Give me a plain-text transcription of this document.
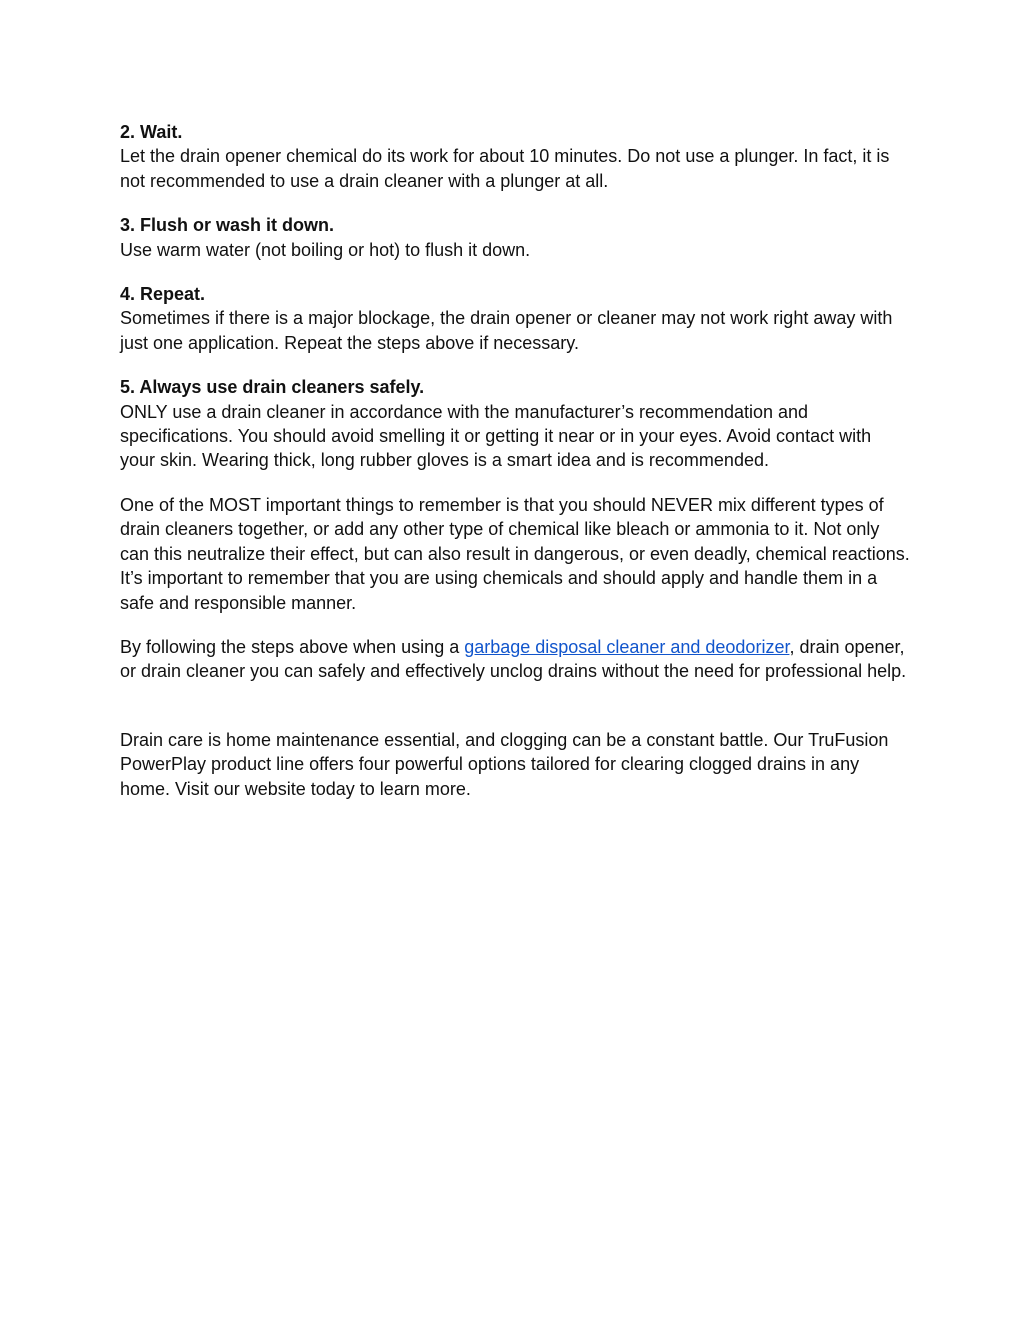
2. Wait.
Let the drain opener chemical do its work for about 10 minutes. Do not use a plunger. In fact, it is not recommended to use a drain cleaner with a plunger at all.
3. Flush or wash it down.
Use warm water (not boiling or hot) to flush it down.
4. Repeat.
Sometimes if there is a major blockage, the drain opener or cleaner may not work right away with just one application. Repeat the steps above if necessary.
5. Always use drain cleaners safely.
ONLY use a drain cleaner in accordance with the manufacturer’s recommendation and specifications. You should avoid smelling it or getting it near or in your eyes. Avoid contact with your skin. Wearing thick, long rubber gloves is a smart idea and is recommended.

One of the MOST important things to remember is that you should NEVER mix different types of drain cleaners together, or add any other type of chemical like bleach or ammonia to it. Not only can this neutralize their effect, but can also result in dangerous, or even deadly, chemical reactions. It’s important to remember that you are using chemicals and should apply and handle them in a safe and responsible manner.

By following the steps above when using a garbage disposal cleaner and deodorizer, drain opener, or drain cleaner you can safely and effectively unclog drains without the need for professional help.

Drain care is home maintenance essential, and clogging can be a constant battle. Our TruFusion PowerPlay product line offers four powerful options tailored for clearing clogged drains in any home. Visit our website today to learn more.
